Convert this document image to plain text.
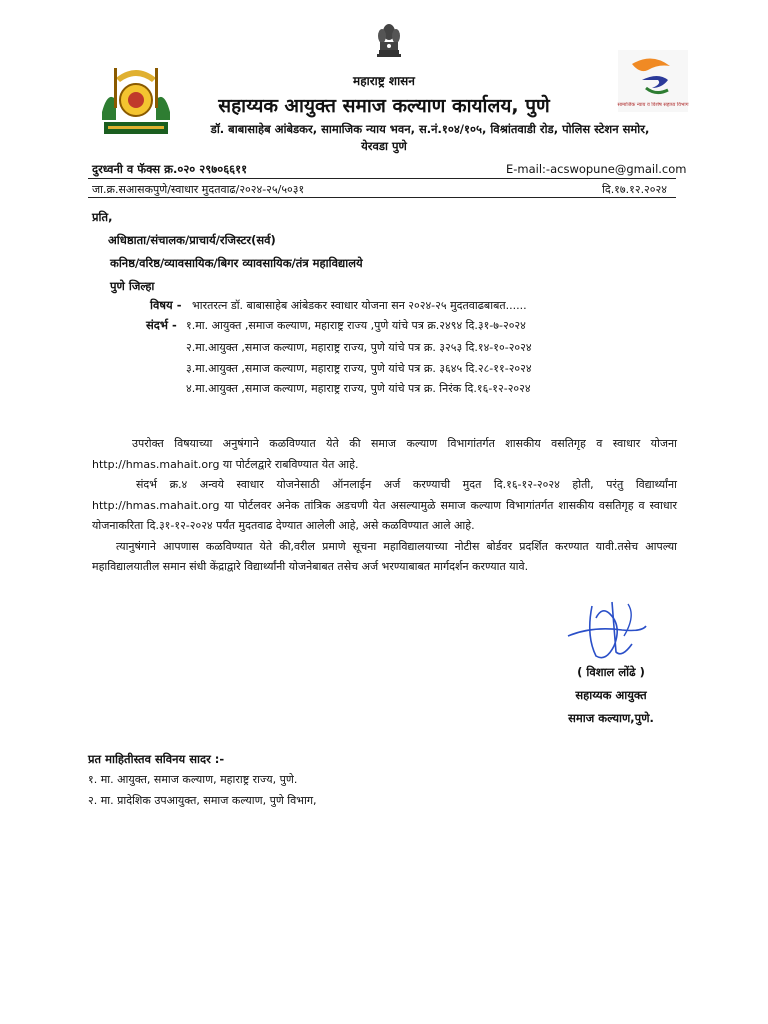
सामाजिक न्याय व विशेष सहाय्य विभाग
महाराष्ट्र शासन
सहाय्यक आयुक्त समाज कल्याण कार्यालय, पुणे
डॉ. बाबासाहेब आंबेडकर, सामाजिक न्याय भवन, स.नं.१०४/१०५, विश्रांतवाडी रोड, पोलिस स्टेशन समोर,
येरवडा पुणे
दुरध्वनी व फॅक्स क्र.०२० २९७०६६११	E-mail:-acswopune@gmail.com
जा.क्र.सआसकपुणे/स्वाधार मुदतवाढ/२०२४-२५/५०३१	दि.१७.१२.२०२४
प्रति,
अधिष्ठाता/संचालक/प्राचार्य/रजिस्टर(सर्व)
कनिष्ठ/वरिष्ठ/व्यावसायिक/बिगर व्यावसायिक/तंत्र महाविद्यालये
पुणे जिल्हा
विषय - भारतरत्न डॉ. बाबासाहेब आंबेडकर स्वाधार योजना सन २०२४-२५ मुदतवाढबाबत......
संदर्भ - १.मा. आयुक्त ,समाज कल्याण, महाराष्ट्र राज्य ,पुणे यांचे पत्र क्र.२४९४ दि.३१-७-२०२४
२.मा.आयुक्त ,समाज कल्याण, महाराष्ट्र राज्य, पुणे यांचे पत्र क्र. ३२५३ दि.१४-१०-२०२४
३.मा.आयुक्त ,समाज कल्याण, महाराष्ट्र राज्य, पुणे यांचे पत्र क्र. ३६४५ दि.२८-११-२०२४
४.मा.आयुक्त ,समाज कल्याण, महाराष्ट्र राज्य, पुणे यांचे पत्र क्र. निरंक दि.१६-१२-२०२४

उपरोक्त विषयाच्या अनुषंगाने कळविण्यात येते की समाज कल्याण विभागांतर्गत शासकीय वसतिगृह व स्वाधार योजना http://hmas.mahait.org या पोर्टलद्वारे राबविण्यात येत आहे.

संदर्भ क्र.४ अन्वये स्वाधार योजनेसाठी ऑनलाईन अर्ज करण्याची मुदत दि.१६-१२-२०२४ होती, परंतु विद्यार्थ्यांना http://hmas.mahait.org या पोर्टलवर अनेक तांत्रिक अडचणी येत असल्यामुळे समाज कल्याण विभागांतर्गत शासकीय वसतिगृह व स्वाधार योजनाकरिता दि.३१-१२-२०२४ पर्यंत मुदतवाढ देण्यात आलेली आहे, असे कळविण्यात आले आहे.

त्यानुषंगाने आपणास कळविण्यात येते की,वरील प्रमाणे सूचना महाविद्यालयाच्या नोटीस बोर्डवर प्रदर्शित करण्यात यावी.तसेच आपल्या महाविद्यालयातील समान संधी केंद्राद्वारे विद्यार्थ्यांनी योजनेबाबत तसेच अर्ज भरण्याबाबत मार्गदर्शन करण्यात यावे.

( विशाल लोंढे )
सहाय्यक आयुक्त
समाज कल्याण,पुणे.
प्रत माहितीस्तव सविनय सादर :-
१. मा. आयुक्त, समाज कल्याण, महाराष्ट्र राज्य, पुणे.
२. मा. प्रादेशिक उपआयुक्त, समाज कल्याण, पुणे विभाग,
